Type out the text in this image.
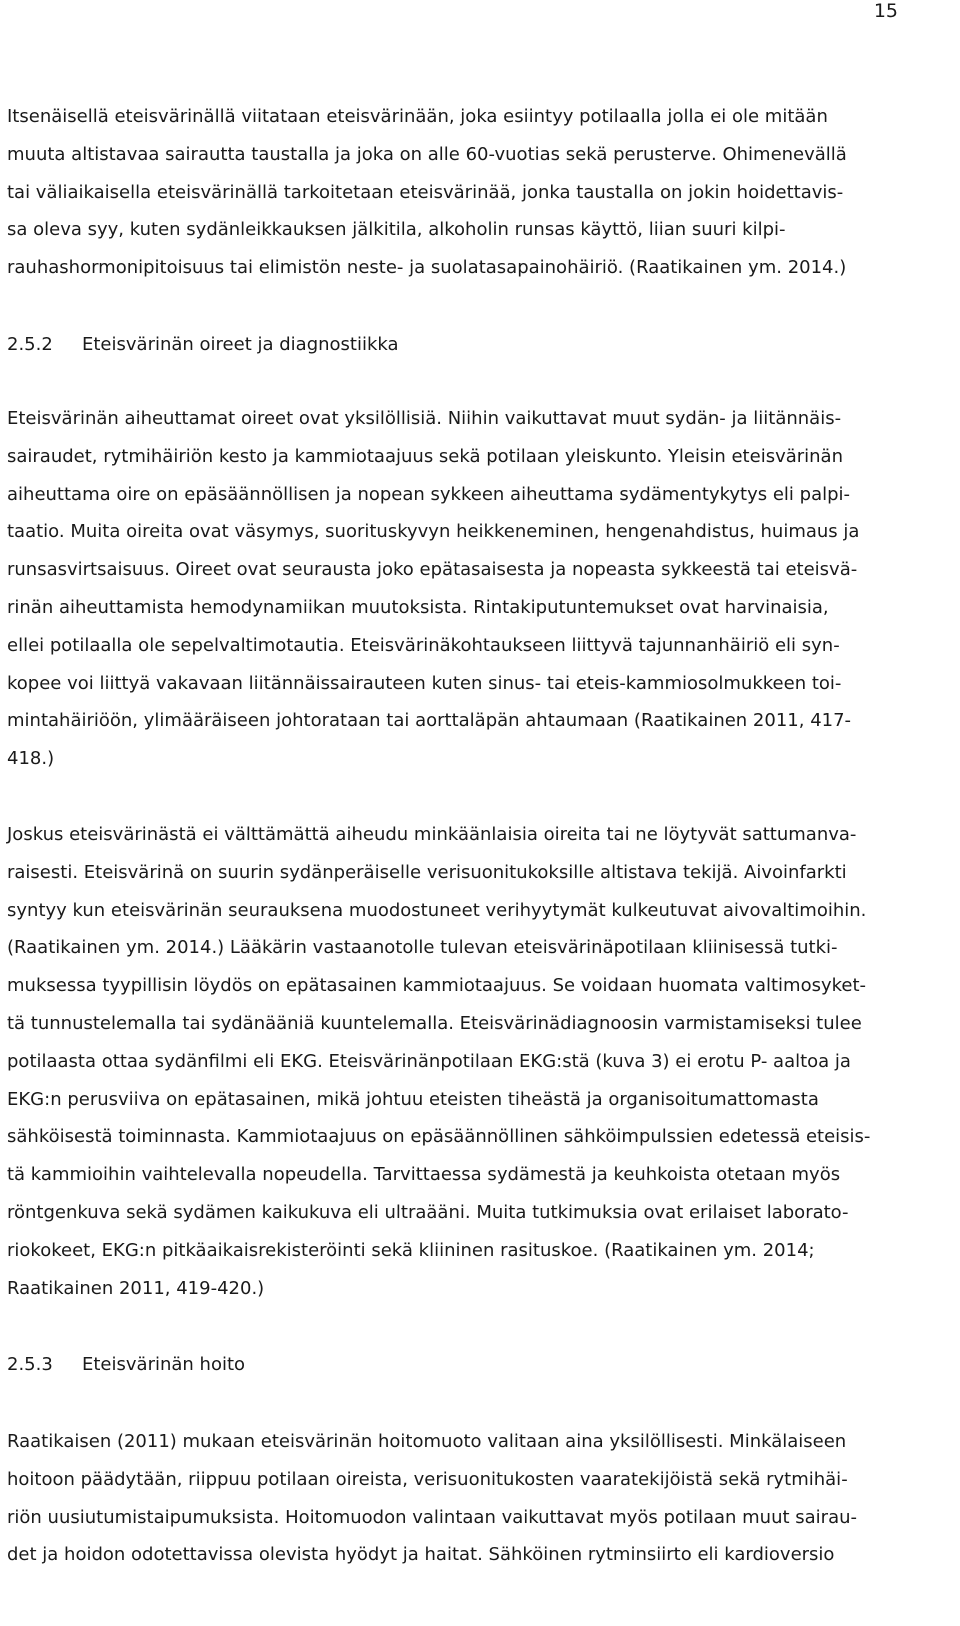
15
Itsenäisellä eteisvärinällä viitataan eteisvärinään, joka esiintyy potilaalla jolla ei ole mitään
muuta altistavaa sairautta taustalla ja joka on alle 60-vuotias sekä perusterve. Ohimenevällä
tai väliaikaisella eteisvärinällä tarkoitetaan eteisvärinää, jonka taustalla on jokin hoidettavis-
sa oleva syy, kuten sydänleikkauksen jälkitila, alkoholin runsas käyttö, liian suuri kilpi-
rauhashormonipitoisuus tai elimistön neste- ja suolatasapainohäiriö. (Raatikainen ym. 2014.)
2.5.2 Eteisvärinän oireet ja diagnostiikka
Eteisvärinän aiheuttamat oireet ovat yksilöllisiä. Niihin vaikuttavat muut sydän- ja liitännäis-
sairaudet, rytmihäiriön kesto ja kammiotaajuus sekä potilaan yleiskunto. Yleisin eteisvärinän
aiheuttama oire on epäsäännöllisen ja nopean sykkeen aiheuttama sydämentykytys eli palpi-
taatio. Muita oireita ovat väsymys, suorituskyvyn heikkeneminen, hengenahdistus, huimaus ja
runsasvirtsaisuus. Oireet ovat seurausta joko epätasaisesta ja nopeasta sykkeestä tai eteisvä-
rinän aiheuttamista hemodynamiikan muutoksista. Rintakiputuntemukset ovat harvinaisia,
ellei potilaalla ole sepelvaltimotautia. Eteisvärinäkohtaukseen liittyvä tajunnanhäiriö eli syn-
kopee voi liittyä vakavaan liitännäissairauteen kuten sinus- tai eteis-kammiosolmukkeen toi-
mintahäiriöön, ylimääräiseen johtorataan tai aorttaläpän ahtaumaan (Raatikainen 2011, 417-
418.)
Joskus eteisvärinästä ei välttämättä aiheudu minkäänlaisia oireita tai ne löytyvät sattumanva-
raisesti. Eteisvärinä on suurin sydänperäiselle verisuonitukoksille altistava tekijä. Aivoinfarkti
syntyy kun eteisvärinän seurauksena muodostuneet verihyytymät kulkeutuvat aivovaltimoihin.
(Raatikainen ym. 2014.) Lääkärin vastaanotolle tulevan eteisvärinäpotilaan kliinisessä tutki-
muksessa tyypillisin löydös on epätasainen kammiotaajuus. Se voidaan huomata valtimosyket-
tä tunnustelemalla tai sydänääniä kuuntelemalla. Eteisvärinädiagnoosin varmistamiseksi tulee
potilaasta ottaa sydänfilmi eli EKG. Eteisvärinänpotilaan EKG:stä (kuva 3) ei erotu P- aaltoa ja
EKG:n perusviiva on epätasainen, mikä johtuu eteisten tiheästä ja organisoitumattomasta
sähköisestä toiminnasta. Kammiotaajuus on epäsäännöllinen sähköimpulssien edetessä eteisis-
tä kammioihin vaihtelevalla nopeudella. Tarvittaessa sydämestä ja keuhkoista otetaan myös
röntgenkuva sekä sydämen kaikukuva eli ultraääni. Muita tutkimuksia ovat erilaiset laborato-
riokokeet, EKG:n pitkäaikaisrekisteröinti sekä kliininen rasituskoe. (Raatikainen ym. 2014;
Raatikainen 2011, 419-420.)
2.5.3 Eteisvärinän hoito
Raatikaisen (2011) mukaan eteisvärinän hoitomuoto valitaan aina yksilöllisesti. Minkälaiseen
hoitoon päädytään, riippuu potilaan oireista, verisuonitukosten vaaratekijöistä sekä rytmihäi-
riön uusiutumistaipumuksista. Hoitomuodon valintaan vaikuttavat myös potilaan muut sairau-
det ja hoidon odotettavissa olevista hyödyt ja haitat. Sähköinen rytminsiirto eli kardioversio
